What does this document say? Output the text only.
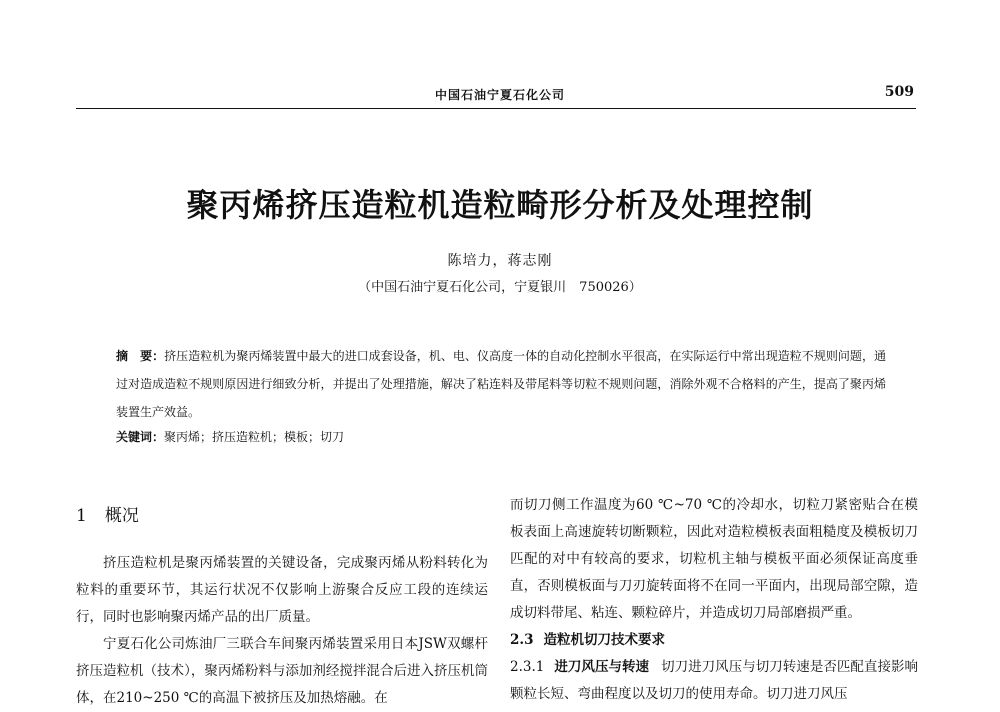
中国石油宁夏石化公司	509
聚丙烯挤压造粒机造粒畸形分析及处理控制
陈培力，蒋志刚
（中国石油宁夏石化公司，宁夏银川　750026）
摘　要：挤压造粒机为聚丙烯装置中最大的进口成套设备，机、电、仪高度一体的自动化控制水平很高，在实际运行中常出现造粒不规则问题，通过对造成造粒不规则原因进行细致分析，并提出了处理措施，解决了粘连料及带尾料等切粒不规则问题，消除外观不合格料的产生，提高了聚丙烯装置生产效益。
关键词：聚丙烯；挤压造粒机；模板；切刀
1 概况

挤压造粒机是聚丙烯装置的关键设备，完成聚丙烯从粉料转化为粒料的重要环节，其运行状况不仅影响上游聚合反应工段的连续运行，同时也影响聚丙烯产品的出厂质量。

宁夏石化公司炼油厂三联合车间聚丙烯装置采用日本JSW双螺杆挤压造粒机（技术），聚丙烯粉料与添加剂经搅拌混合后进入挤压机筒体，在210~250 ℃的高温下被挤压及加热熔融。在

而切刀侧工作温度为60 ℃~70 ℃的冷却水，切粒刀紧密贴合在模板表面上高速旋转切断颗粒，因此对造粒模板表面粗糙度及模板切刀匹配的对中有较高的要求，切粒机主轴与模板平面必须保证高度垂直，否则模板面与刀刃旋转面将不在同一平面内，出现局部空隙，造成切料带尾、粘连、颗粒碎片，并造成切刀局部磨损严重。

2.3 造粒机切刀技术要求

2.3.1 进刀风压与转速 切刀进刀风压与切刀转速是否匹配直接影响颗粒长短、弯曲程度以及切刀的使用寿命。切刀进刀风压
